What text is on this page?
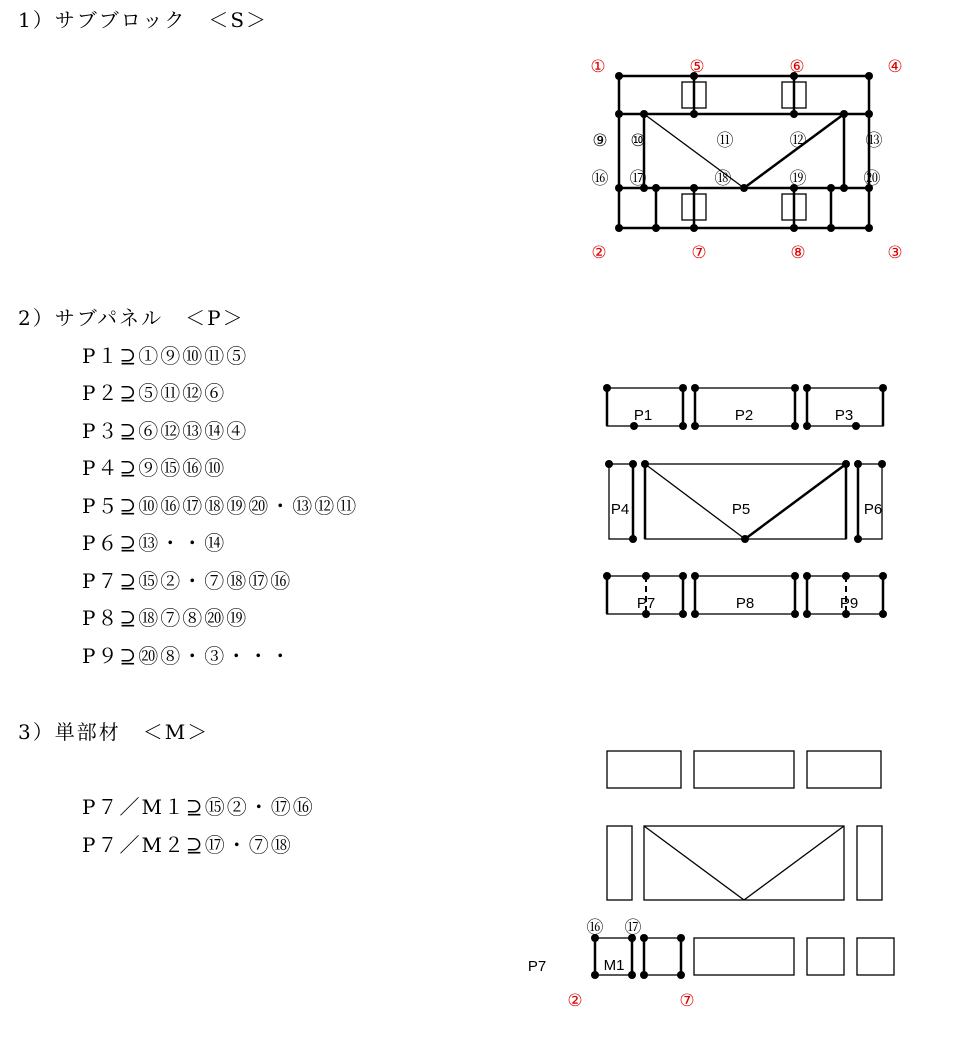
1）サブブロック　＜S＞
2）サブパネル　＜P＞
P１⊇①⑨⑩⑪⑤
P２⊇⑤⑪⑫⑥
P３⊇⑥⑫⑬⑭④
P４⊇⑨⑮⑯⑩
P５⊇⑩⑯⑰⑱⑲⑳・⑬⑫⑪
P６⊇⑬・・⑭
P７⊇⑮②・⑦⑱⑰⑯
P８⊇⑱⑦⑧⑳⑲
P９⊇⑳⑧・③・・・
3）単部材　＜M＞
P７／M１⊇⑮②・⑰⑯
P７／M２⊇⑰・⑦⑱
①	⑤	⑥	④
②	⑦	⑧	③
⑨ ⑩	⑪	⑫	⑬
⑯ ⑰	⑱	⑲	⑳
P1	P2	P3
P4	P5	P6
P7	P8	P9
P7	M1
⑯ ⑰
②	⑦
